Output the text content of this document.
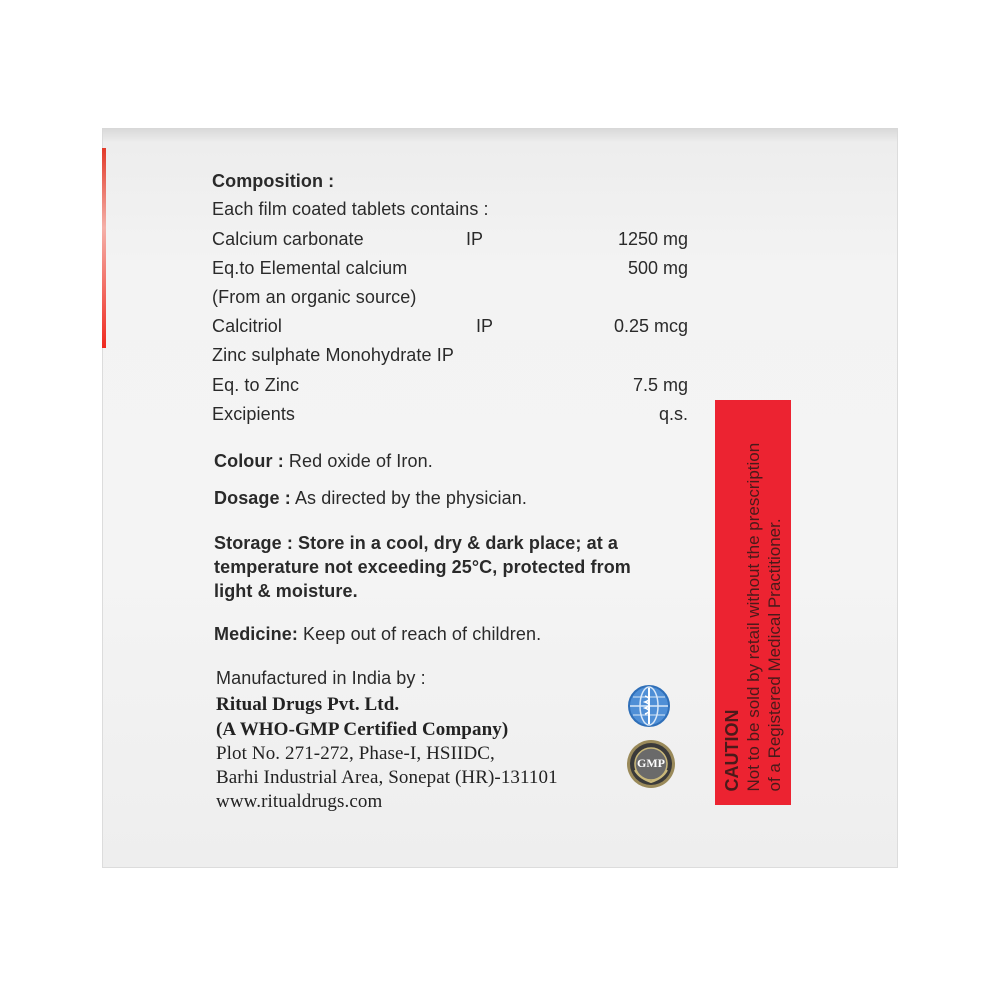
Composition :
Each film coated tablets contains :
Calcium carbonate	IP	1250 mg
Eq.to Elemental calcium	500 mg
(From an organic source)
Calcitriol	IP	0.25 mcg
Zinc sulphate Monohydrate IP
Eq. to Zinc	7.5 mg
Excipients	q.s.
Colour : Red oxide of Iron.
Dosage : As directed by the physician.
Storage : Store in a cool, dry & dark place; at a
temperature not exceeding 25°C, protected from
light & moisture.
Medicine: Keep out of reach of children.
Manufactured in India by :
Ritual Drugs Pvt. Ltd.
(A WHO-GMP Certified Company)
Plot No. 271-272, Phase-I, HSIIDC,
Barhi Industrial Area, Sonepat (HR)-131101
www.ritualdrugs.com
GMP	CAUTION Not to be sold by retail without the prescription of a Registered Medical Practitioner.
